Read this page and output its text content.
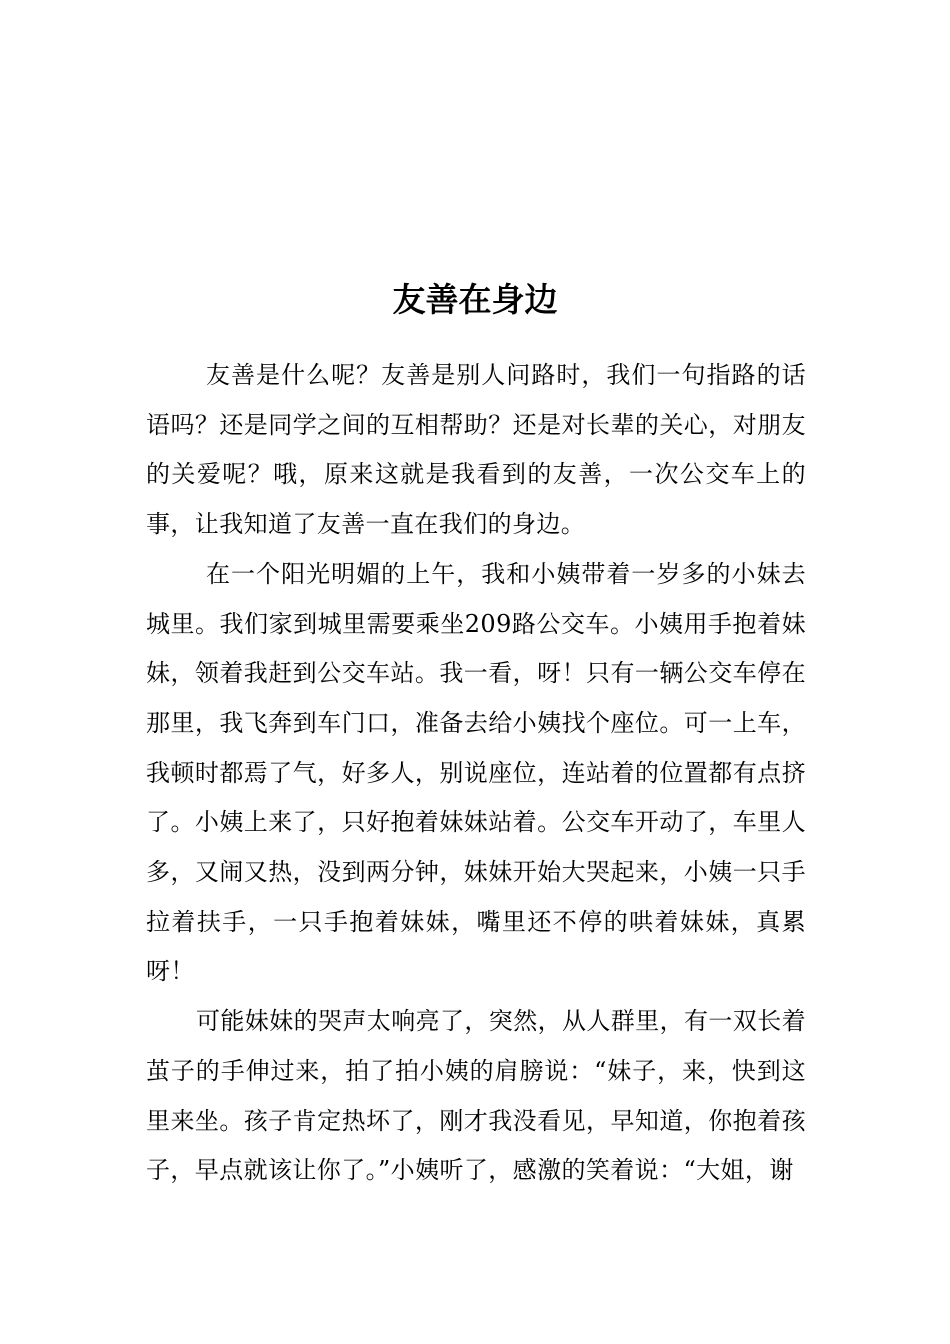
友善在身边

友善是什么呢？友善是别人问路时，我们一句指路的话语吗？还是同学之间的互相帮助？还是对长辈的关心，对朋友的关爱呢？哦，原来这就是我看到的友善，一次公交车上的事，让我知道了友善一直在我们的身边。

在一个阳光明媚的上午，我和小姨带着一岁多的小妹去城里。我们家到城里需要乘坐209路公交车。小姨用手抱着妹妹，领着我赶到公交车站。我一看，呀！只有一辆公交车停在那里，我飞奔到车门口，准备去给小姨找个座位。可一上车，我顿时都焉了气，好多人，别说座位，连站着的位置都有点挤了。小姨上来了，只好抱着妹妹站着。公交车开动了，车里人多，又闹又热，没到两分钟，妹妹开始大哭起来，小姨一只手拉着扶手，一只手抱着妹妹，嘴里还不停的哄着妹妹，真累呀！

可能妹妹的哭声太响亮了，突然，从人群里，有一双长着茧子的手伸过来，拍了拍小姨的肩膀说：“妹子，来，快到这里来坐。孩子肯定热坏了，刚才我没看见，早知道，你抱着孩子，早点就该让你了。”小姨听了，感激的笑着说：“大姐，谢
